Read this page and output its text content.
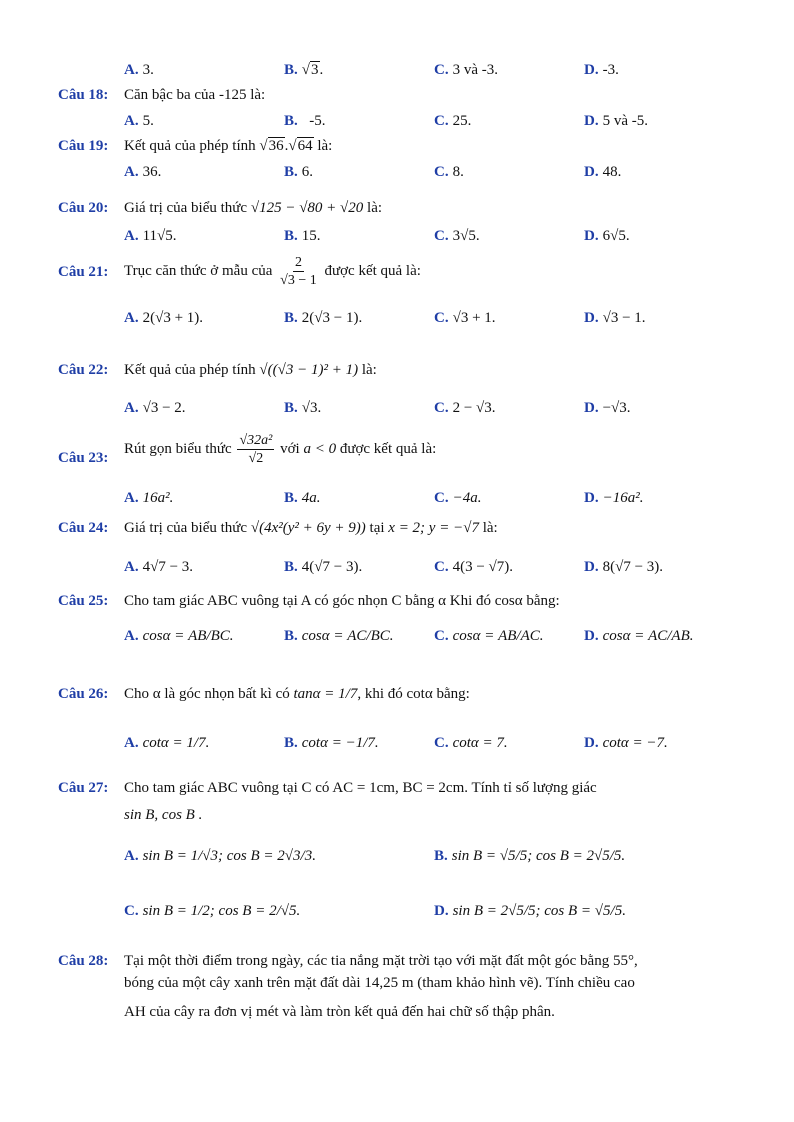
A. 3.	B. √3.	C. 3 và -3.	D. -3.
Câu 18: Căn bậc ba của -125 là:
A. 5.	B. -5.	C. 25.	D. 5 và -5.
Câu 19: Kết quả của phép tính √36.√64 là:
A. 36.	B. 6.	C. 8.	D. 48.
Câu 20: Giá trị của biểu thức √125 − √80 + √20 là:
A. 11√5.	B. 15.	C. 3√5.	D. 6√5.
Câu 21: Trục căn thức ở mẫu của $\frac{2}{√3 - 1}$ được kết quả là:
A. 2(√3 + 1).	B. 2(√3 − 1).	C. √3 + 1.	D. √3 − 1.
Câu 22: Kết quả của phép tính √((√3 − 1)² + 1) là:
A. √3 − 2.	B. √3.	C. 2 − √3.	D. −√3.
Câu 23:
Rút gọn biểu thức $\frac{\text{√32a²}}{√2}$ với a < 0 được kết quả là:
A. 16a².	B. 4a.	C. −4a.	D. −16a².
Câu 24: Giá trị của biểu thức √(4x²(y² + 6y + 9)) tại x = 2; y = −√7 là:
A. 4√7 − 3.	B. 4(√7 − 3).	C. 4(3 − √7).	D. 8(√7 − 3).
Câu 25: Cho tam giác ABC vuông tại A có góc nhọn C bằng α Khi đó cosα bằng:
A. cosα = AB/BC.	B. cosα = AC/BC.	C. cosα = AB/AC.	D. cosα = AC/AB.
Câu 26: Cho α là góc nhọn bất kì có tanα = 1/7, khi đó cotα bằng:
A. cotα = 1/7.	B. cotα = −1/7.	C. cotα = 7.	D. cotα = −7.
Câu 27: Cho tam giác ABC vuông tại C có AC = 1cm, BC = 2cm. Tính tỉ số lượng giác
sin B, cos B .
A. sin B = 1/√3; cos B = 2√3/3.	B. sin B = √5/5; cos B = 2√5/5.
C. sin B = 1/2; cos B = 2/√5.	D. sin B = 2√5/5; cos B = √5/5.
Câu 28: Tại một thời điểm trong ngày, các tia nắng mặt trời tạo với mặt đất một góc bằng 55°,
bóng của một cây xanh trên mặt đất dài 14,25 m (tham khảo hình vẽ). Tính chiều cao
AH của cây ra đơn vị mét và làm tròn kết quả đến hai chữ số thập phân.
